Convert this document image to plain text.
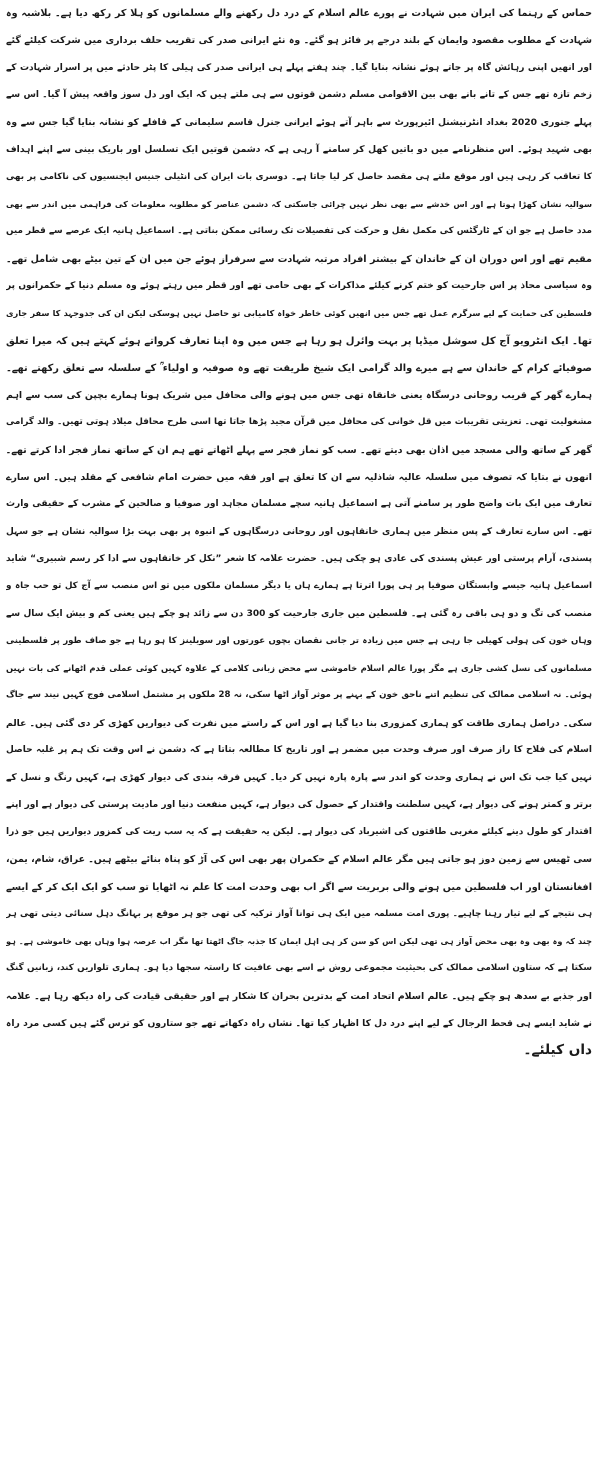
حماس کے رہنما کی ایران میں شہادت نے پورے عالم اسلام کے درد دل رکھنے والے مسلمانوں کو ہلا کر رکھ دیا ہے۔ بلاشبہ وہ
شہادت کے مطلوب مقصود وایمان کے بلند درجے پر فائز ہو گئے۔ وہ نئے ایرانی صدر کی تقریب حلف برداری میں شرکت کیلئے گئے
اور انھیں اپنی رہائش گاہ پر جاتے ہوئے نشانہ بنایا گیا۔ چند ہفتے پہلے ہی ایرانی صدر کی ہیلی کا پٹر حادثے میں پر اسرار شہادت کے
زخم تازہ تھے جس کے تانے بانے بھی بین الاقوامی مسلم دشمن قوتوں سے ہی ملتے ہیں کہ ایک اور دل سوز واقعہ پیش آ گیا۔ اس سے
پہلے جنوری 2020 بغداد انٹرنیشنل ائیرپورٹ سے باہر آتے ہوئے ایرانی جنرل قاسم سلیمانی کے قافلے کو نشانہ بنایا گیا جس سے وہ
بھی شہید ہوئے۔ اس منظرنامے میں دو باتیں کھل کر سامنے آ رہی ہے کہ دشمن قوتیں ایک تسلسل اور باریک بینی سے اپنے اہداف
کا تعاقب کر رہی ہیں اور موقع ملتے ہی مقصد حاصل کر لیا جاتا ہے۔ دوسری بات ایران کی انٹیلی جنیس ایجنسیوں کی ناکامی پر بھی
سوالیہ نشان کھڑا ہوتا ہے اور اس خدشے سے بھی نظر نہیں چرائی جاسکتی کہ دشمن عناصر کو مطلوبہ معلومات کی فراہمی میں اندر سے بھی
مدد حاصل ہے جو ان کے ٹارگٹس کی مکمل نقل و حرکت کی تفصیلات تک رسائی ممکن بناتی ہے۔ اسماعیل ہانیہ ایک عرصے سے قطر میں
مقیم تھے اور اس دوران ان کے خاندان کے بیشتر افراد مرتبہ شہادت سے سرفراز ہوئے جن میں ان کے تین بیٹے بھی شامل تھے۔
وہ سیاسی محاذ پر اس جارحیت کو ختم کرنے کیلئے مذاکرات کے بھی حامی تھے اور قطر میں رہتے ہوئے وہ مسلم دنیا کے حکمرانوں پر
فلسطین کی حمایت کے لیے سرگرم عمل تھے جس میں انھیں کوئی خاطر خواہ کامیابی تو حاصل نہیں ہوسکی لیکن ان کی جدوجہد کا سفر جاری
تھا۔ ایک انٹرویو آج کل سوشل میڈیا پر بہت وائرل ہو رہا ہے جس میں وہ اپنا تعارف کرواتے ہوئے کہتے ہیں کہ میرا تعلق
صوفیائے کرام کے خاندان سے ہے میرے والد گرامی ایک شیخ طریقت تھے وہ صوفیہ و اولیاء ؒ کے سلسلہ سے تعلق رکھتے تھے۔
ہمارے گھر کے قریب روحانی درسگاہ یعنی خانقاہ تھی جس میں ہونے والی محافل میں شریک ہونا ہمارے بچپن کی سب سے اہم
مشغولیت تھی۔ تعزیتی تقریبات میں قل خوانی کی محافل میں قرآن مجید پڑھا جاتا تھا اسی طرح محافل میلاد ہوتی تھیں۔ والد گرامی
گھر کے ساتھ والی مسجد میں اذان بھی دیتے تھے۔ سب کو نماز فجر سے پہلے اٹھاتے تھے ہم ان کے ساتھ نماز فجر ادا کرتے تھے۔
انھوں نے بتایا کہ تصوف میں سلسلہ عالیہ شاذلیہ سے ان کا تعلق ہے اور فقہ میں حضرت امام شافعی کے مقلد ہیں۔ اس سارے
تعارف میں ایک بات واضح طور پر سامنے آتی ہے اسماعیل ہانیہ سچے مسلمان مجاہد اور صوفیا و صالحین کے مشرب کے حقیقی وارث
تھے۔ اس سارے تعارف کے پس منظر میں ہماری خانقاہوں اور روحانی درسگاہوں کے انبوہ پر بھی بہت بڑا سوالیہ نشان ہے جو سہل
پسندی، آرام پرستی اور عیش پسندی کی عادی ہو چکی ہیں۔ حضرت علامہ کا شعر ”نکل کر خانقاہوں سے ادا کر رسم شبیری“ شاید
اسماعیل ہانیہ جیسے وابستگان صوفیا پر ہی پورا اترتا ہے ہمارے ہاں یا دیگر مسلمان ملکوں میں تو اس منصب سے آج کل تو حب جاہ و
منصب کی تگ و دو ہی باقی رہ گئی ہے۔ فلسطین میں جاری جارحیت کو 300 دن سے زائد ہو چکے ہیں یعنی کم و بیش ایک سال سے
وہاں خون کی ہولی کھیلی جا رہی ہے جس میں زیادہ تر جانی نقصان بچوں عورتوں اور سویلینز کا ہو رہا ہے جو صاف طور پر فلسطینی
مسلمانوں کی نسل کشی جاری ہے مگر پورا عالم اسلام خاموشی سے محض زبانی کلامی کے علاوہ کہیں کوئی عملی قدم اٹھانے کی بات نہیں
ہوئی۔ نہ اسلامی ممالک کی تنظیم اتنے ناحق خون کے بہنے پر موثر آواز اٹھا سکی، نہ 28 ملکوں پر مشتمل اسلامی فوج کہیں نیند سے جاگ
سکی۔ دراصل ہماری طاقت کو ہماری کمزوری بنا دیا گیا ہے اور اس کے راستے میں نفرت کی دیواریں کھڑی کر دی گئی ہیں۔ عالم
اسلام کی فلاح کا راز صرف اور صرف وحدت میں مضمر ہے اور تاریخ کا مطالعہ بتاتا ہے کہ دشمن نے اس وقت تک ہم پر غلبہ حاصل
نہیں کیا جب تک اس نے ہماری وحدت کو اندر سے پارہ پارہ نہیں کر دیا۔ کہیں فرقہ بندی کی دیوار کھڑی ہے، کہیں رنگ و نسل کے
برتر و کمتر ہونے کی دیوار ہے، کہیں سلطنت واقتدار کے حصول کی دیوار ہے، کہیں منفعت دنیا اور مادیت پرستی کی دیوار ہے اور اپنے
اقتدار کو طول دینے کیلئے مغربی طاقتوں کی اشیرباد کی دیوار ہے۔ لیکن یہ حقیقت ہے کہ یہ سب ریت کی کمزور دیواریں ہیں جو ذرا
سی ٹھیس سے زمین دوز ہو جاتی ہیں مگر عالم اسلام کے حکمران پھر بھی اس کی آڑ کو پناہ بنائے بیٹھے ہیں۔ عراق، شام، یمن،
افغانستان اور اب فلسطین میں ہونے والی بربریت سے اگر اب بھی وحدت امت کا علم نہ اٹھایا تو سب کو ایک ایک کر کے ایسے
ہی نتیجے کے لیے تیار رہنا چاہیے۔ پوری امت مسلمہ میں ایک ہی توانا آواز ترکیہ کی تھی جو ہر موقع پر بہانگ دہل سنائی دیتی تھی ہر
چند کہ وہ بھی وہ بھی محض آواز ہی تھی لیکن اس کو سن کر ہی اہل ایمان کا جذبہ جاگ اٹھتا تھا مگر اب عرصہ ہوا وہاں بھی خاموشی ہے۔ ہو
سکتا ہے کہ ستاون اسلامی ممالک کی بحیثیت مجموعی روش نے اسے بھی عافیت کا راستہ سجھا دیا ہو۔ ہماری تلواریں کند، زبانیں گنگ
اور جذبے بے سدھ ہو چکے ہیں۔ عالم اسلام اتحاد امت کے بدترین بحران کا شکار ہے اور حقیقی قیادت کی راہ دیکھ رہا ہے۔ علامہ
نے شاید ایسے ہی قحط الرجال کے لیے اپنے درد دل کا اظہار کیا تھا۔ نشاں راہ دکھاتے تھے جو ستاروں کو ترس گئے ہیں کسی مرد راہ
داں کیلئے۔
